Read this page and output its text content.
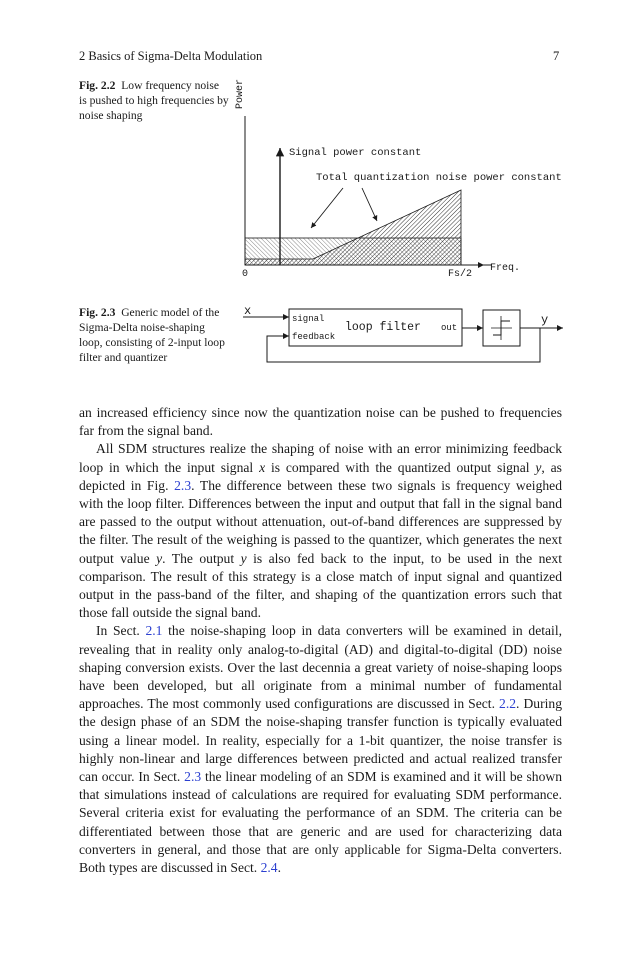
2 Basics of Sigma-Delta Modulation	7
Fig. 2.2 Low frequency noise is pushed to high frequencies by noise shaping
Power
Signal power constant
Total quantization noise power constant
0	Fs/2
Freq.
Fig. 2.3 Generic model of the Sigma-Delta noise-shaping loop, consisting of 2-input loop filter and quantizer
x
y
signal
feedback
loop filter out

an increased efficiency since now the quantization noise can be pushed to frequencies far from the signal band.

All SDM structures realize the shaping of noise with an error minimizing feedback loop in which the input signal x is compared with the quantized output signal y, as depicted in Fig. 2.3. The difference between these two signals is frequency weighed with the loop filter. Differences between the input and output that fall in the signal band are passed to the output without attenuation, out-of-band differences are suppressed by the filter. The result of the weighing is passed to the quantizer, which generates the next output value y. The output y is also fed back to the input, to be used in the next comparison. The result of this strategy is a close match of input signal and quantized output in the pass-band of the filter, and shaping of the quantization errors such that those fall outside the signal band.

In Sect. 2.1 the noise-shaping loop in data converters will be examined in detail, revealing that in reality only analog-to-digital (AD) and digital-to-digital (DD) noise shaping conversion exists. Over the last decennia a great variety of noise-shaping loops have been developed, but all originate from a minimal number of fundamental approaches. The most commonly used configurations are discussed in Sect. 2.2. During the design phase of an SDM the noise-shaping transfer function is typically evaluated using a linear model. In reality, especially for a 1-bit quantizer, the noise transfer is highly non-linear and large differences between predicted and actual realized transfer can occur. In Sect. 2.3 the linear modeling of an SDM is examined and it will be shown that simulations instead of calculations are required for evaluating SDM performance. Several criteria exist for evaluating the performance of an SDM. The criteria can be differentiated between those that are generic and are used for characterizing data converters in general, and those that are only applicable for Sigma-Delta converters. Both types are discussed in Sect. 2.4.
